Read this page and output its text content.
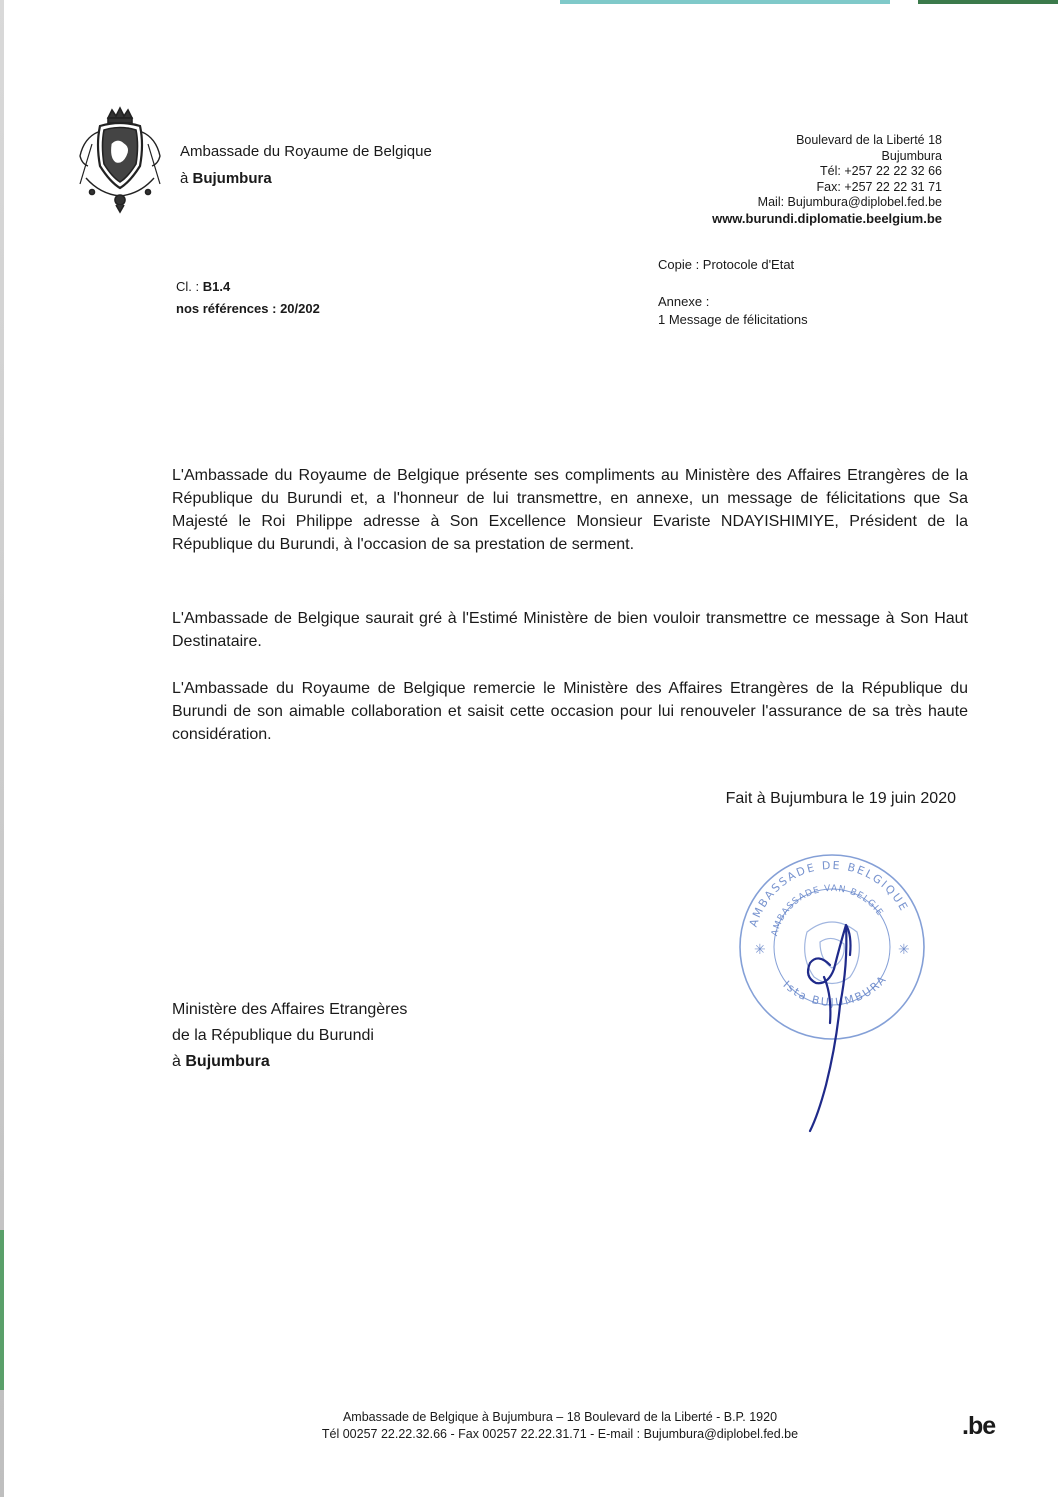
Ambassade du Royaume de Belgique
à Bujumbura
Boulevard de la Liberté 18
Bujumbura
Tél: +257 22 22 32 66
Fax: +257 22 22 31 71
Mail: Bujumbura@diplobel.fed.be
www.burundi.diplomatie.beelgium.be
Cl. : B1.4
nos références : 20/202
Copie : Protocole d'Etat
Annexe :
1 Message de félicitations
L'Ambassade du Royaume de Belgique présente ses compliments au Ministère des Affaires Etrangères de la République du Burundi et, a l'honneur de lui transmettre, en annexe, un message de félicitations que Sa Majesté le Roi Philippe adresse à Son Excellence Monsieur Evariste NDAYISHIMIYE, Président de la République du Burundi, à l'occasion de sa prestation de serment.
L'Ambassade de Belgique saurait gré à l'Estimé Ministère de bien vouloir transmettre ce message à Son Haut Destinataire.
L'Ambassade du Royaume de Belgique remercie le Ministère des Affaires Etrangères de la République du Burundi de son aimable collaboration et saisit cette occasion pour lui renouveler l'assurance de sa très haute considération.
Fait à Bujumbura le 19 juin 2020
AMBASSADE DE BELGIQUE
AMBASSADE VAN BELGIE
Ista BUJUMBURA
✳	✳
Ministère des Affaires Etrangères
de la République du Burundi
à Bujumbura
Ambassade de Belgique à Bujumbura – 18 Boulevard de la Liberté - B.P. 1920
Tél 00257 22.22.32.66 - Fax 00257 22.22.31.71 - E-mail : Bujumbura@diplobel.fed.be	.be
